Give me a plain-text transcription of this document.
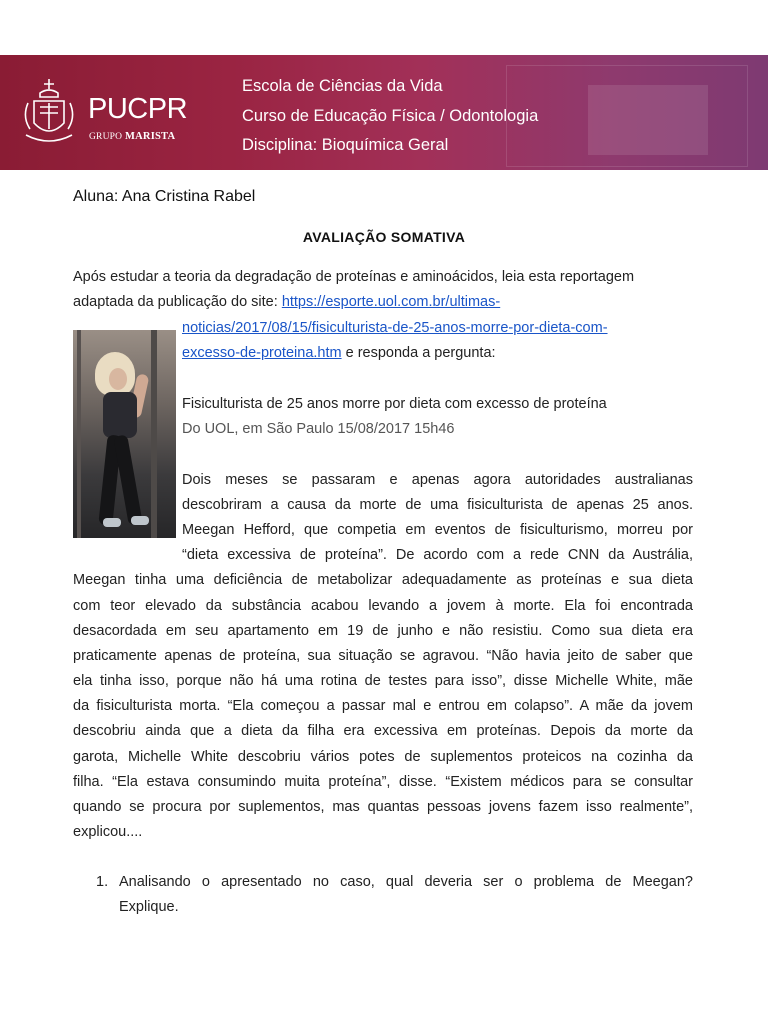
PUCPR
GRUPO MARISTA
Escola de Ciências da Vida
Curso de Educação Física / Odontologia
Disciplina: Bioquímica Geral
Aluna: Ana Cristina Rabel
AVALIAÇÃO SOMATIVA
Após estudar a teoria da degradação de proteínas e aminoácidos, leia esta reportagem
adaptada da publicação do site: https://esporte.uol.com.br/ultimas-
noticias/2017/08/15/fisiculturista-de-25-anos-morre-por-dieta-com-
excesso-de-proteina.htm e responda a pergunta:
Fisiculturista de 25 anos morre por dieta com excesso de proteína
Do UOL, em São Paulo 15/08/2017 15h46
Dois meses se passaram e apenas agora autoridades australianas
descobriram a causa da morte de uma fisiculturista de apenas 25 anos.
Meegan Hefford, que competia em eventos de fisiculturismo, morreu por
“dieta excessiva de proteína”. De acordo com a rede CNN da Austrália,
Meegan tinha uma deficiência de metabolizar adequadamente as proteínas e sua dieta
com teor elevado da substância acabou levando a jovem à morte. Ela foi encontrada
desacordada em seu apartamento em 19 de junho e não resistiu. Como sua dieta era
praticamente apenas de proteína, sua situação se agravou. “Não havia jeito de saber que
ela tinha isso, porque não há uma rotina de testes para isso”, disse Michelle White, mãe
da fisiculturista morta. “Ela começou a passar mal e entrou em colapso”. A mãe da jovem
descobriu ainda que a dieta da filha era excessiva em proteínas. Depois da morte da
garota, Michelle White descobriu vários potes de suplementos proteicos na cozinha da
filha. “Ela estava consumindo muita proteína”, disse. “Existem médicos para se consultar
quando se procura por suplementos, mas quantas pessoas jovens fazem isso realmente”,
explicou....
1. Analisando o apresentado no caso, qual deveria ser o problema de Meegan?
Explique.
